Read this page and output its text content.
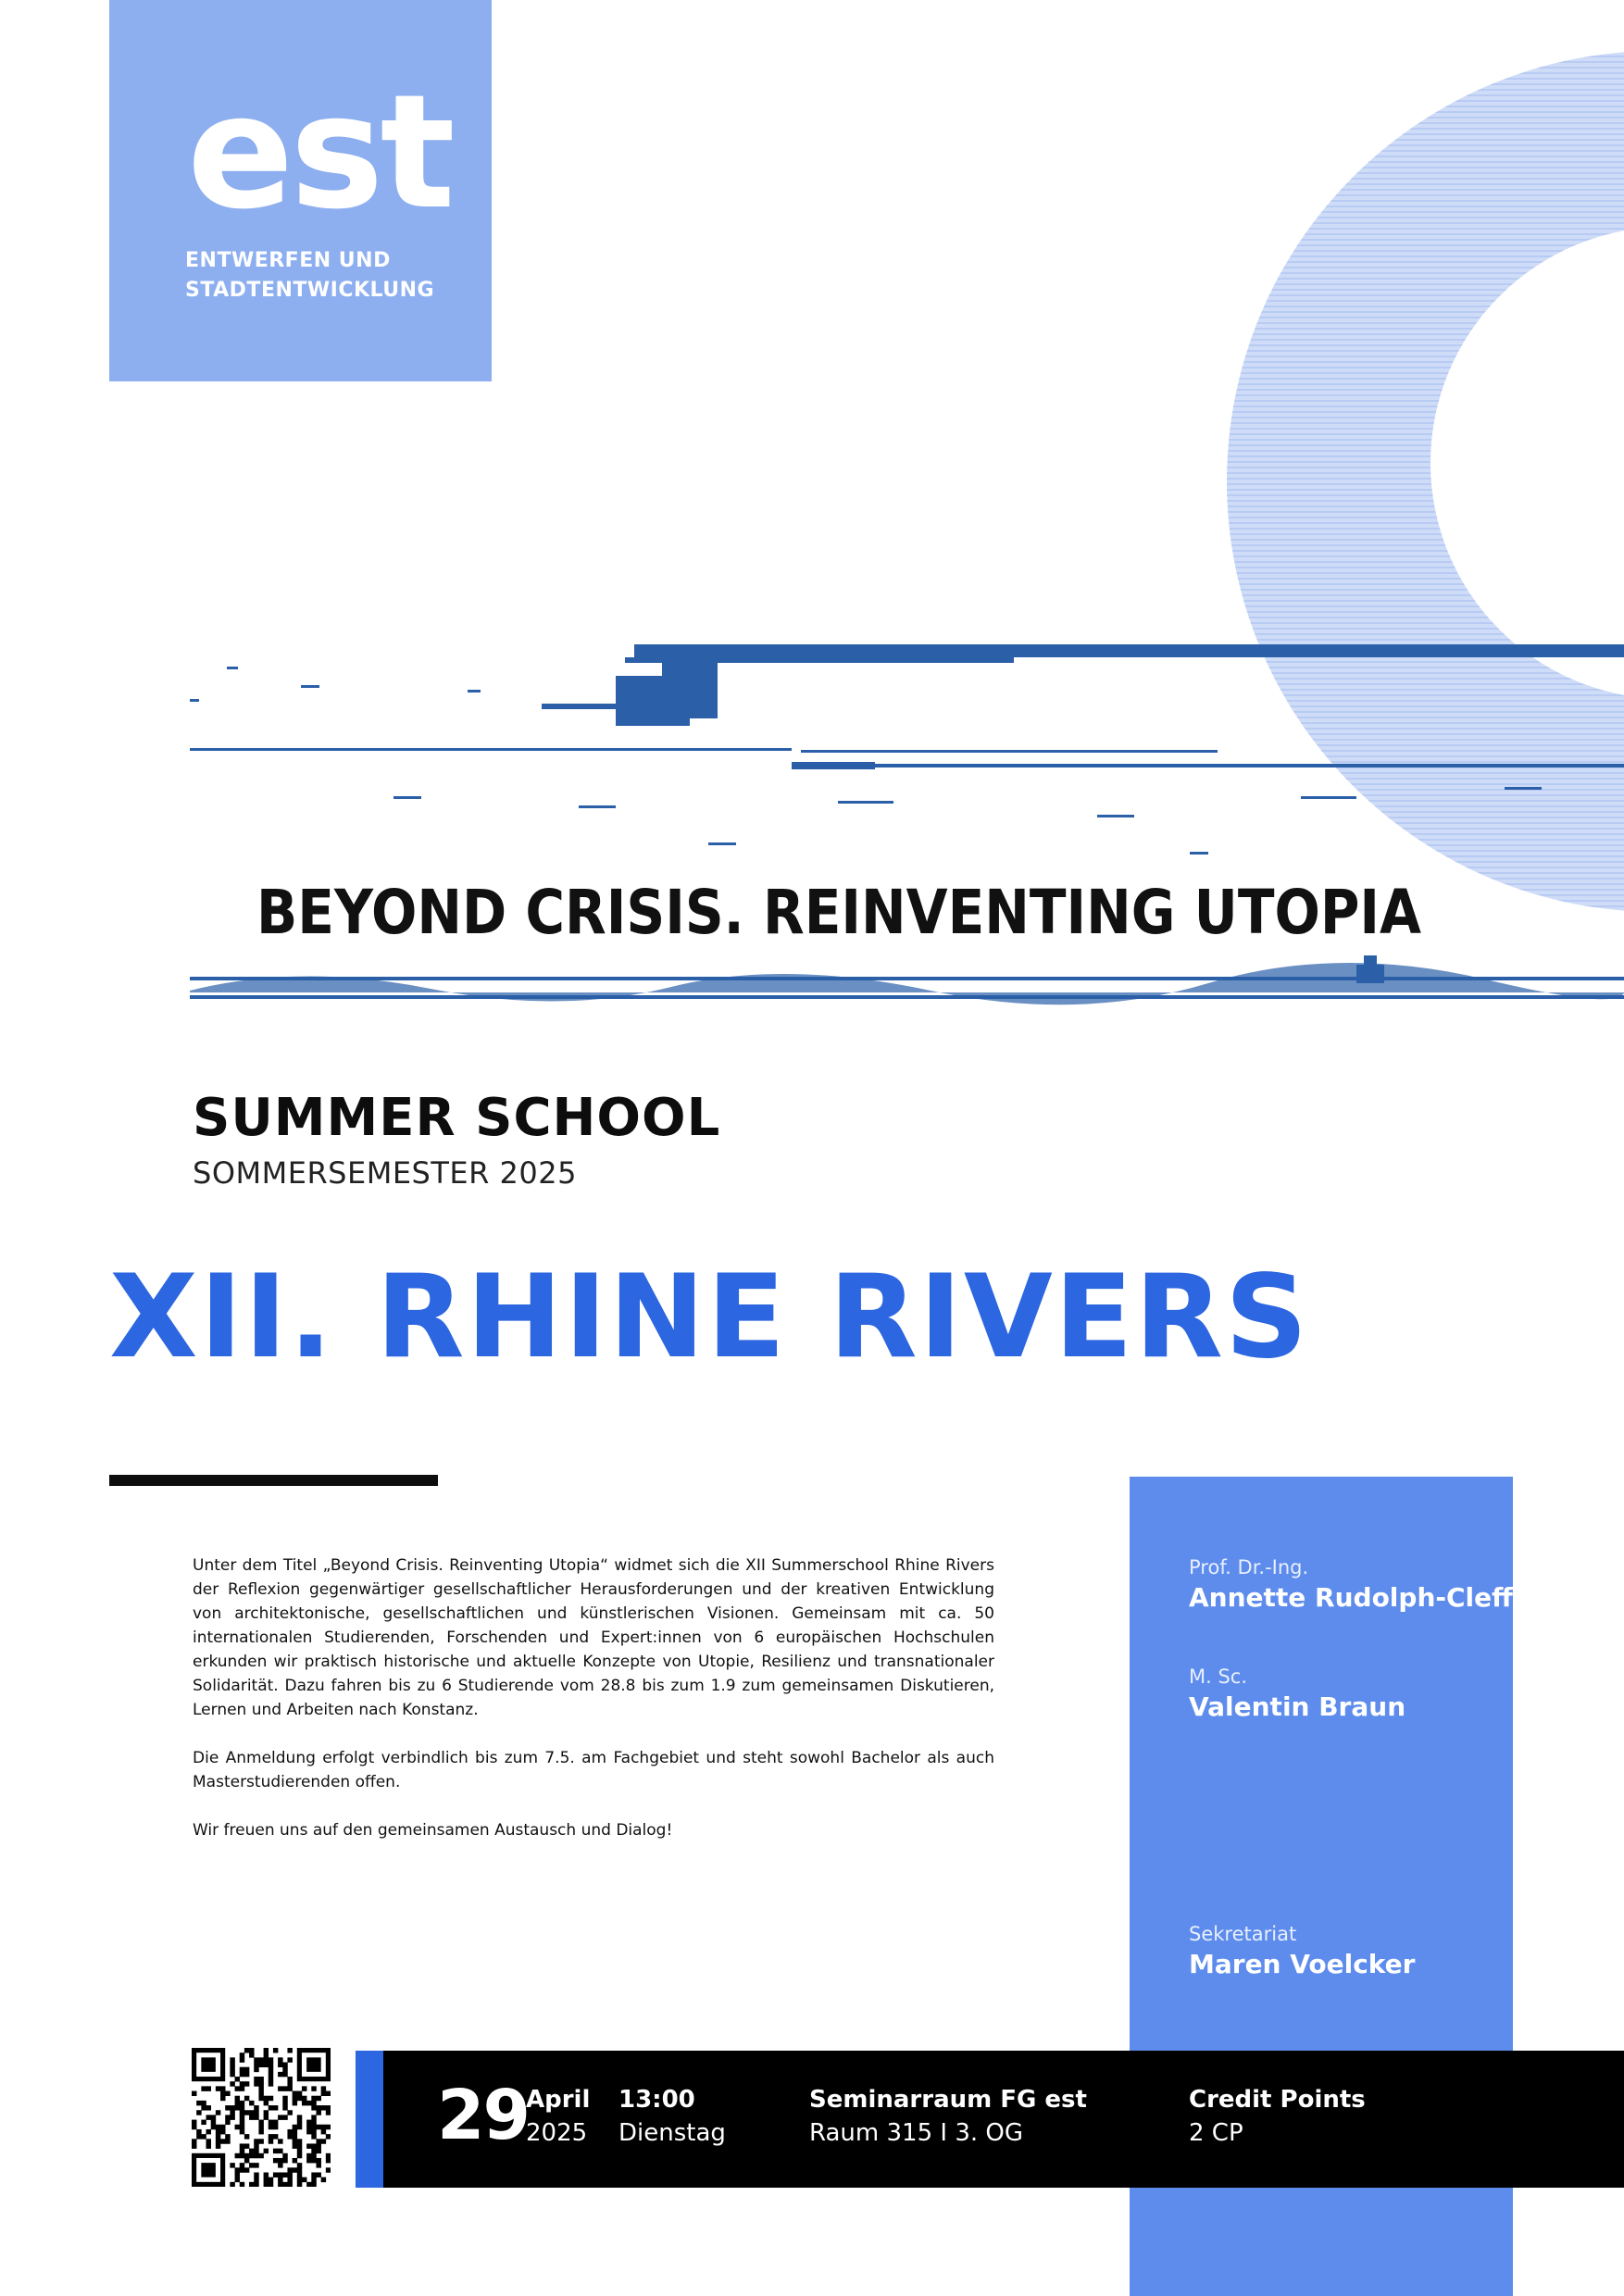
est
ENTWERFEN UND
STADTENTWICKLUNG
BEYOND CRISIS. REINVENTING UTOPIA
SUMMER SCHOOL
SOMMERSEMESTER 2025
XII. RHINE RIVERS

Unter dem Titel „Beyond Crisis. Reinventing Utopia“ widmet sich die XII Summerschool Rhine Rivers der Reflexion gegenwärtiger gesellschaftlicher Herausforderungen und der kreativen Entwicklung von architektonische, gesellschaftlichen und künstlerischen Visionen. Gemeinsam mit ca. 50 internationalen Studierenden, Forschenden und Expert:innen von 6 europäischen Hochschulen erkunden wir praktisch historische und aktuelle Konzepte von Utopie, Resilienz und transnationaler Solidarität. Dazu fahren bis zu 6 Studierende vom 28.8 bis zum 1.9 zum gemeinsamen Diskutieren, Lernen und Arbeiten nach Konstanz.

Die Anmeldung erfolgt verbindlich bis zum 7.5. am Fachgebiet und steht sowohl Bachelor als auch Masterstudierenden offen.

Wir freuen uns auf den gemeinsamen Austausch und Dialog!

Prof. Dr.-Ing.
Annette Rudolph-Cleff
M. Sc.
Valentin Braun
Sekretariat
Maren Voelcker
29
April
2025
13:00
Dienstag
Seminarraum FG est
Raum 315 I 3. OG
Credit Points
2 CP
